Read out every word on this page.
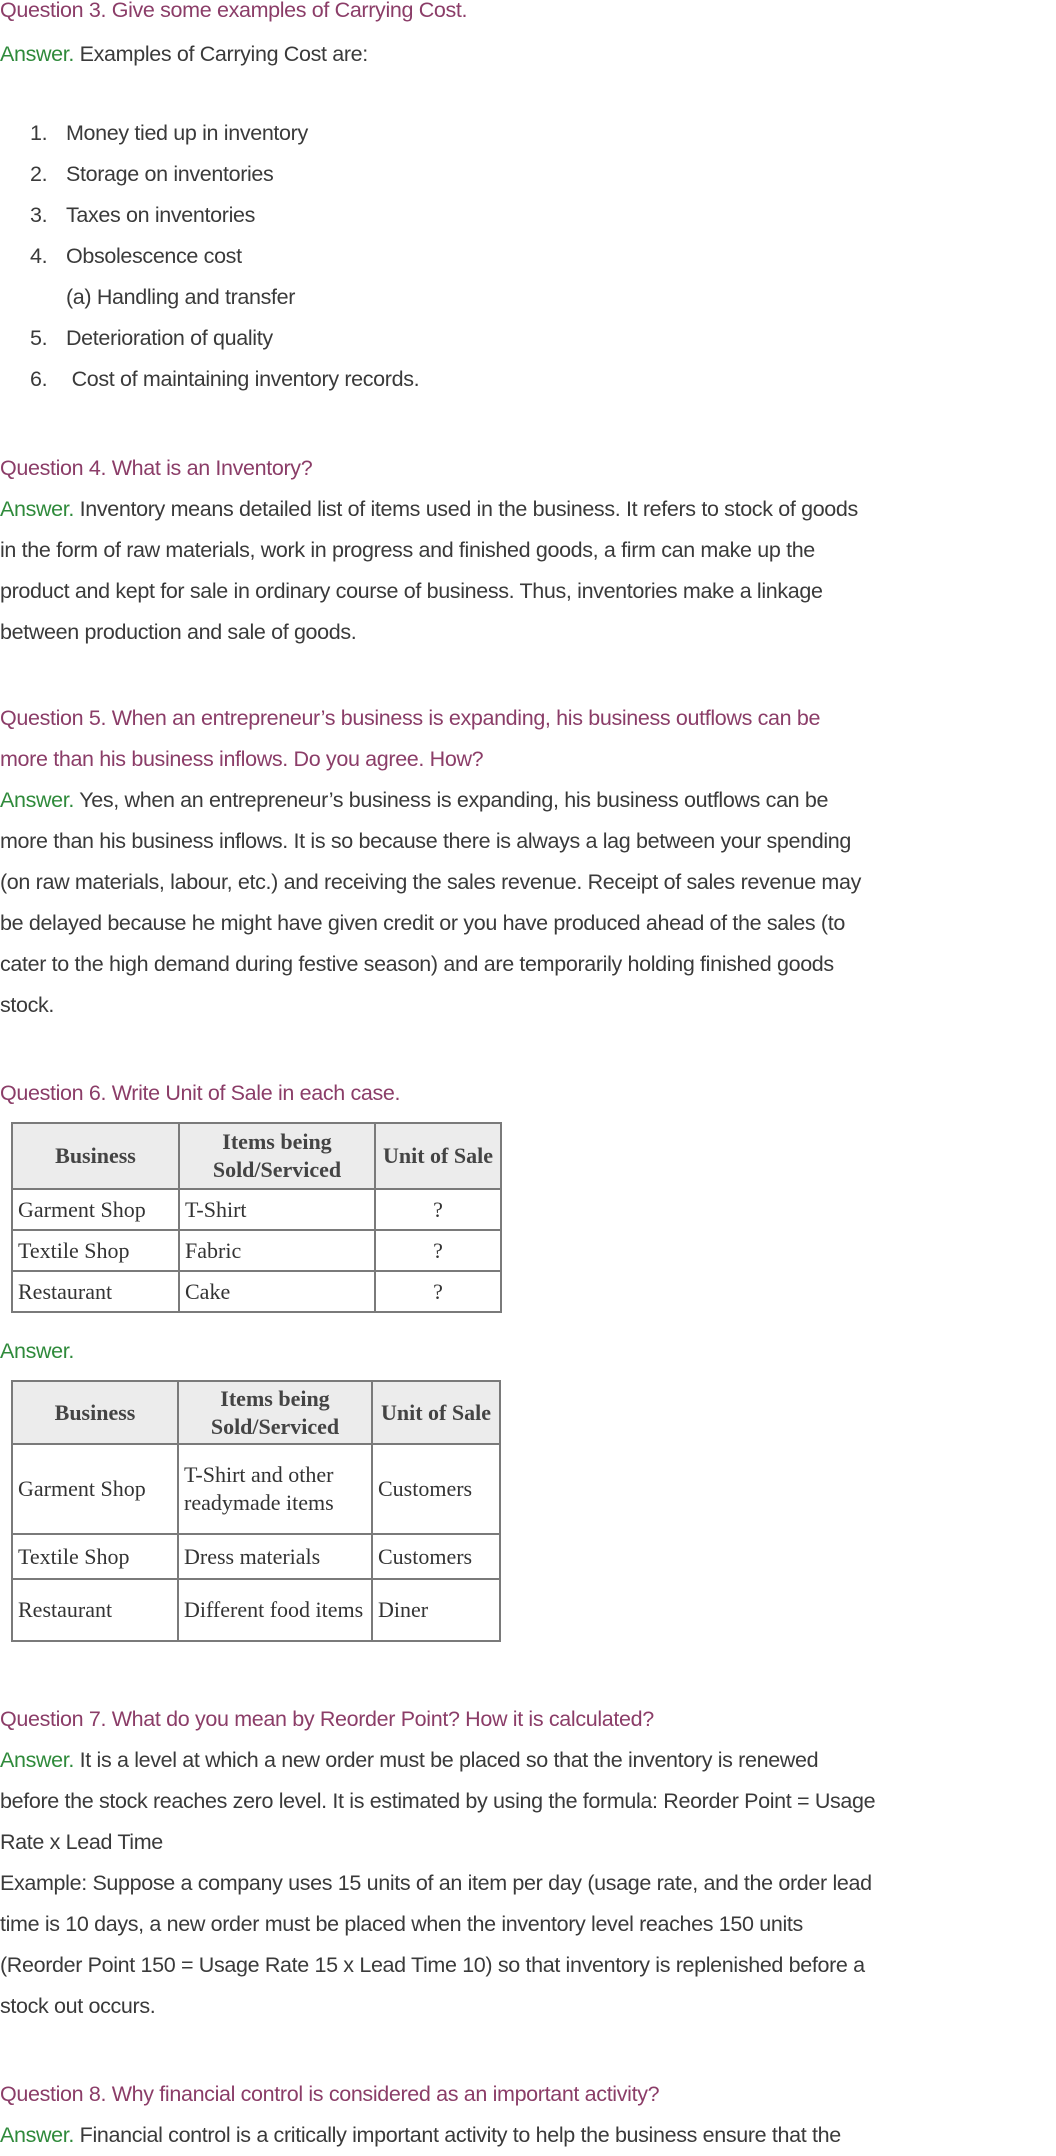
Question 3. Give some examples of Carrying Cost.
Answer. Examples of Carrying Cost are:
1. Money tied up in inventory
2. Storage on inventories
3. Taxes on inventories
4. Obsolescence cost
(a) Handling and transfer
5. Deterioration of quality
6. Cost of maintaining inventory records.
Question 4. What is an Inventory?
Answer. Inventory means detailed list of items used in the business. It refers to stock of goods
in the form of raw materials, work in progress and finished goods, a firm can make up the
product and kept for sale in ordinary course of business. Thus, inventories make a linkage
between production and sale of goods.
Question 5. When an entrepreneur’s business is expanding, his business outflows can be
more than his business inflows. Do you agree. How?
Answer. Yes, when an entrepreneur’s business is expanding, his business outflows can be
more than his business inflows. It is so because there is always a lag between your spending
(on raw materials, labour, etc.) and receiving the sales revenue. Receipt of sales revenue may
be delayed because he might have given credit or you have produced ahead of the sales (to
cater to the high demand during festive season) and are temporarily holding finished goods
stock.
Question 6. Write Unit of Sale in each case.
Business	Items being Sold/Serviced	Unit of Sale
Garment Shop	T-Shirt	?
Textile Shop	Fabric	?
Restaurant	Cake	?
Answer.
Business	Items being Sold/Serviced	Unit of Sale
Garment Shop	T-Shirt and other readymade items	Customers
Textile Shop	Dress materials	Customers
Restaurant	Different food items	Diner
Question 7. What do you mean by Reorder Point? How it is calculated?
Answer. It is a level at which a new order must be placed so that the inventory is renewed
before the stock reaches zero level. It is estimated by using the formula: Reorder Point = Usage
Rate x Lead Time
Example: Suppose a company uses 15 units of an item per day (usage rate, and the order lead
time is 10 days, a new order must be placed when the inventory level reaches 150 units
(Reorder Point 150 = Usage Rate 15 x Lead Time 10) so that inventory is replenished before a
stock out occurs.
Question 8. Why financial control is considered as an important activity?
Answer. Financial control is a critically important activity to help the business ensure that the
